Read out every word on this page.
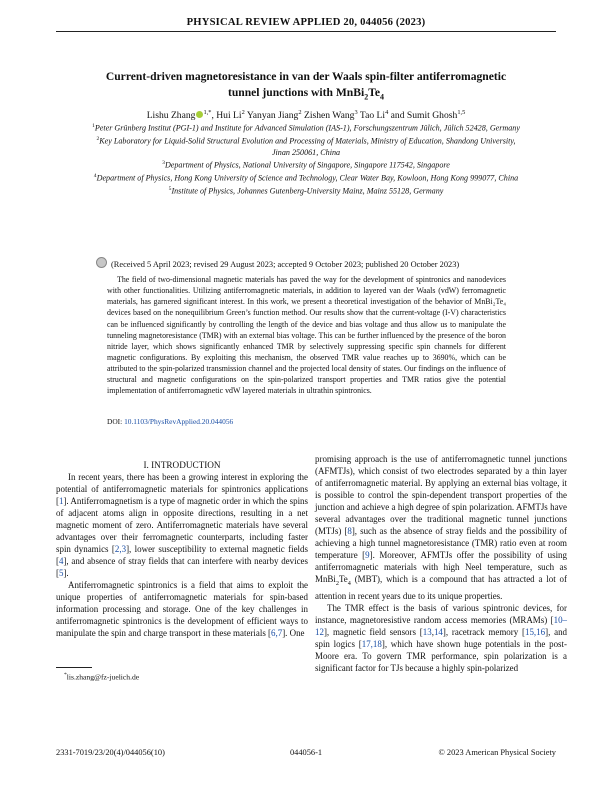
PHYSICAL REVIEW APPLIED 20, 044056 (2023)
Current-driven magnetoresistance in van der Waals spin-filter antiferromagnetic
tunnel junctions with $MnBi_2Te_4$
Lishu Zhang $^{1,*}$, Hui Li$^2$ Yanyan Jiang$^2$ Zishen Wang$^3$ Tao Li$^4$ and Sumit Ghosh$^{1,5}$

$^1$Peter Grünberg Institut (PGI-1) and Institute for Advanced Simulation (IAS-1), Forschungszentrum Jülich, Jülich 52428, Germany

$^2$Key Laboratory for Liquid-Solid Structural Evolution and Processing of Materials, Ministry of Education, Shandong University, Jinan 250061, China

$^3$Department of Physics, National University of Singapore, Singapore 117542, Singapore

$^4$Department of Physics, Hong Kong University of Science and Technology, Clear Water Bay, Kowloon, Hong Kong 999077, China

$^5$Institute of Physics, Johannes Gutenberg-University Mainz, Mainz 55128, Germany

(Received 5 April 2023; revised 29 August 2023; accepted 9 October 2023; published 20 October 2023)

The field of two-dimensional magnetic materials has paved the way for the development of spintronics and nanodevices with other functionalities. Utilizing antiferromagnetic materials, in addition to layered van der Waals (vdW) ferromagnetic materials, has garnered significant interest. In this work, we present a theoretical investigation of the behavior of MnBi₂Te₄ devices based on the nonequilibrium Green’s function method. Our results show that the current-voltage (I-V) characteristics can be influenced significantly by controlling the length of the device and bias voltage and thus allow us to manipulate the tunneling magnetoresistance (TMR) with an external bias voltage. This can be further influenced by the presence of the boron nitride layer, which shows significantly enhanced TMR by selectively suppressing specific spin channels for different magnetic configurations. By exploiting this mechanism, the observed TMR value reaches up to 3690%, which can be attributed to the spin-polarized transmission channel and the projected local density of states. Our findings on the influence of structural and magnetic configurations on the spin-polarized transport properties and TMR ratios give the potential implementation of antiferromagnetic vdW layered materials in ultrathin spintronics.

DOI: 10.1103/PhysRevApplied.20.044056

I. INTRODUCTION

In recent years, there has been a growing interest in exploring the potential of antiferromagnetic materials for spintronics applications [1]. Antiferromagnetism is a type of magnetic order in which the spins of adjacent atoms align in opposite directions, resulting in a net magnetic moment of zero. Antiferromagnetic materials have several advantages over their ferromagnetic counterparts, including faster spin dynamics [2,3], lower susceptibility to external magnetic fields [4], and absence of stray fields that can interfere with nearby devices [5].

Antiferromagnetic spintronics is a field that aims to exploit the unique properties of antiferromagnetic materials for spin-based information processing and storage. One of the key challenges in antiferromagnetic spintronics is the development of efficient ways to manipulate the spin and charge transport in these materials [6,7]. One

promising approach is the use of antiferromagnetic tunnel junctions (AFMTJs), which consist of two electrodes separated by a thin layer of antiferromagnetic material. By applying an external bias voltage, it is possible to control the spin-dependent transport properties of the junction and achieve a high degree of spin polarization. AFMTJs have several advantages over the traditional magnetic tunnel junctions (MTJs) [8], such as the absence of stray fields and the possibility of achieving a high tunnel magnetoresistance (TMR) ratio even at room temperature [9]. Moreover, AFMTJs offer the possibility of using antiferromagnetic materials with high Neel temperature, such as $MnBi_2Te_4$ (MBT), which is a compound that has attracted a lot of attention in recent years due to its unique properties.

The TMR effect is the basis of various spintronic devices, for instance, magnetoresistive random access memories (MRAMs) [10–12], magnetic field sensors [13,14], racetrack memory [15,16], and spin logics [17,18], which have shown huge potentials in the post-Moore era. To govern TMR performance, spin polarization is a significant factor for TJs because a highly spin-polarized

*lis.zhang@fz-juelich.de
2331-7019/23/20(4)/044056(10)	044056-1	© 2023 American Physical Society
